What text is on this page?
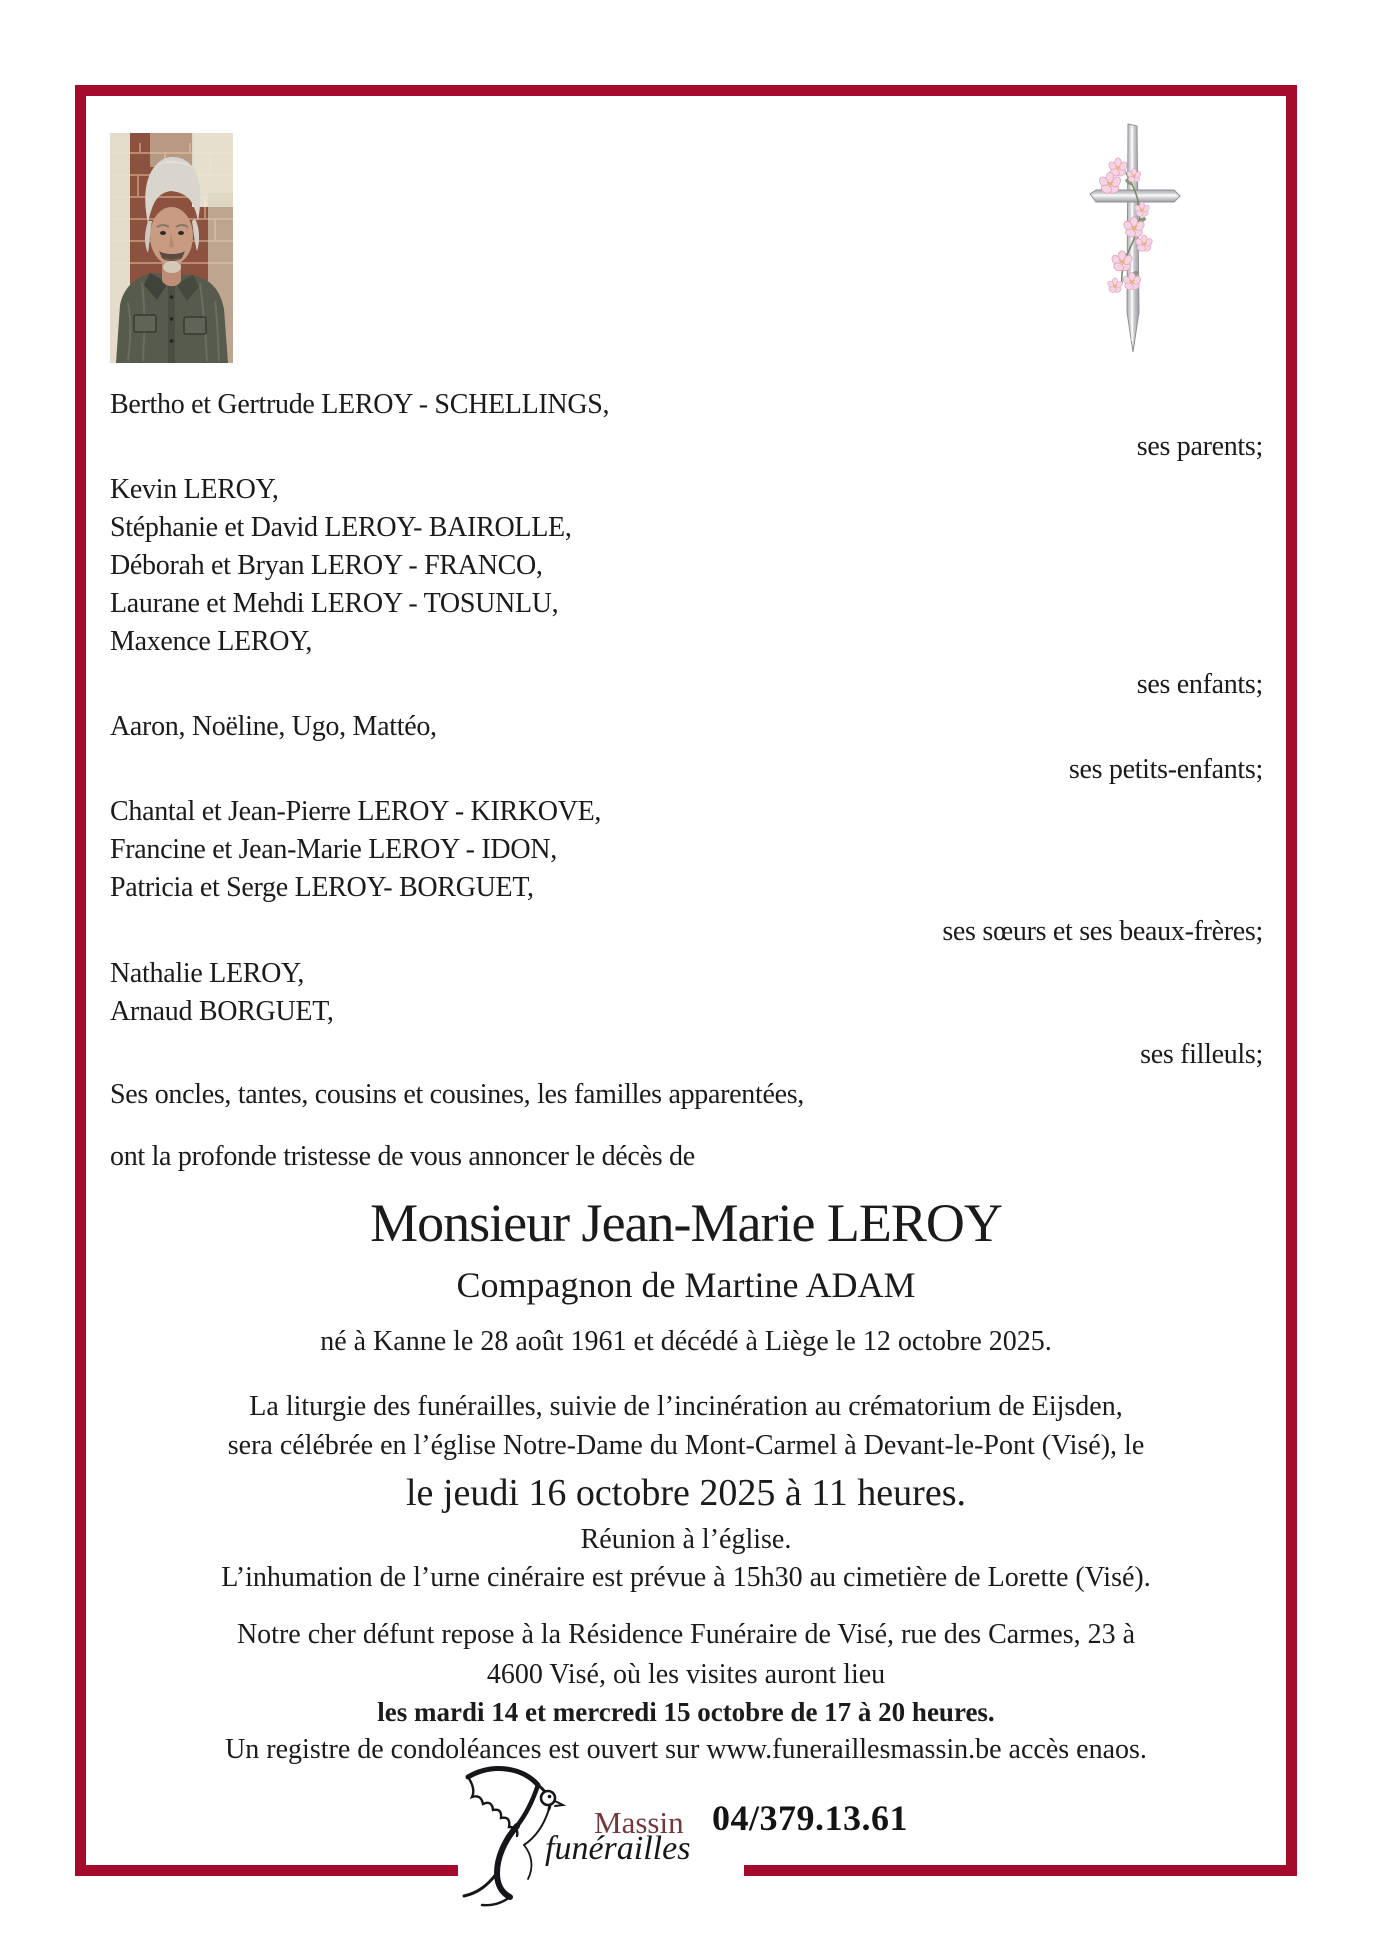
Bertho et Gertrude LEROY - SCHELLINGS,
ses parents;
Kevin LEROY,
Stéphanie et David LEROY- BAIROLLE,
Déborah et Bryan LEROY - FRANCO,
Laurane et Mehdi LEROY - TOSUNLU,
Maxence LEROY,
ses enfants;
Aaron, Noëline, Ugo, Mattéo,
ses petits-enfants;
Chantal et Jean-Pierre LEROY - KIRKOVE,
Francine et Jean-Marie LEROY - IDON,
Patricia et Serge LEROY- BORGUET,
ses sœurs et ses beaux-frères;
Nathalie LEROY,
Arnaud BORGUET,
ses filleuls;
Ses oncles, tantes, cousins et cousines, les familles apparentées,
ont la profonde tristesse de vous annoncer le décès de
Monsieur Jean-Marie LEROY
Compagnon de Martine ADAM
né à Kanne le 28 août 1961 et décédé à Liège le 12 octobre 2025.
La liturgie des funérailles, suivie de l’incinération au crématorium de Eijsden,
sera célébrée en l’église Notre-Dame du Mont-Carmel à Devant-le-Pont (Visé), le
le jeudi 16 octobre 2025 à 11 heures.
Réunion à l’église.
L’inhumation de l’urne cinéraire est prévue à 15h30 au cimetière de Lorette (Visé).
Notre cher défunt repose à la Résidence Funéraire de Visé, rue des Carmes, 23 à
4600 Visé, où les visites auront lieu
les mardi 14 et mercredi 15 octobre de 17 à 20 heures.
Un registre de condoléances est ouvert sur www.funeraillesmassin.be accès enaos.
Massin
funérailles
04/379.13.61
